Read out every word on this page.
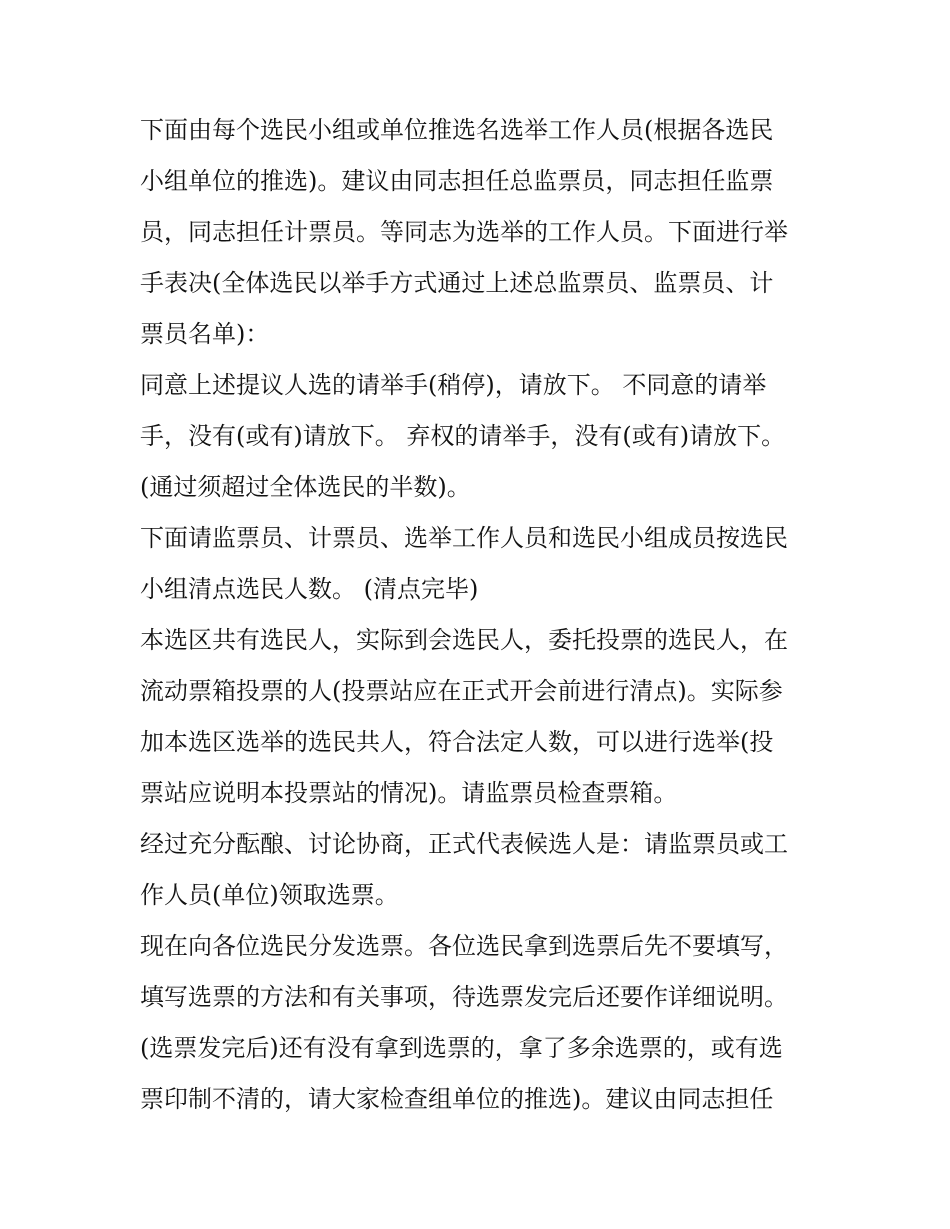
下面由每个选民小组或单位推选名选举工作人员(根据各选民
小组单位的推选)。建议由同志担任总监票员，同志担任监票
员，同志担任计票员。等同志为选举的工作人员。下面进行举
手表决(全体选民以举手方式通过上述总监票员、监票员、计
票员名单)：
同意上述提议人选的请举手(稍停)，请放下。 不同意的请举
手，没有(或有)请放下。 弃权的请举手，没有(或有)请放下。
(通过须超过全体选民的半数)。
下面请监票员、计票员、选举工作人员和选民小组成员按选民
小组清点选民人数。 (清点完毕)
本选区共有选民人，实际到会选民人，委托投票的选民人，在
流动票箱投票的人(投票站应在正式开会前进行清点)。实际参
加本选区选举的选民共人，符合法定人数，可以进行选举(投
票站应说明本投票站的情况)。请监票员检查票箱。
经过充分酝酿、讨论协商，正式代表候选人是：请监票员或工
作人员(单位)领取选票。
现在向各位选民分发选票。各位选民拿到选票后先不要填写，
填写选票的方法和有关事项，待选票发完后还要作详细说明。
(选票发完后)还有没有拿到选票的，拿了多余选票的，或有选
票印制不清的，请大家检查组单位的推选)。建议由同志担任
